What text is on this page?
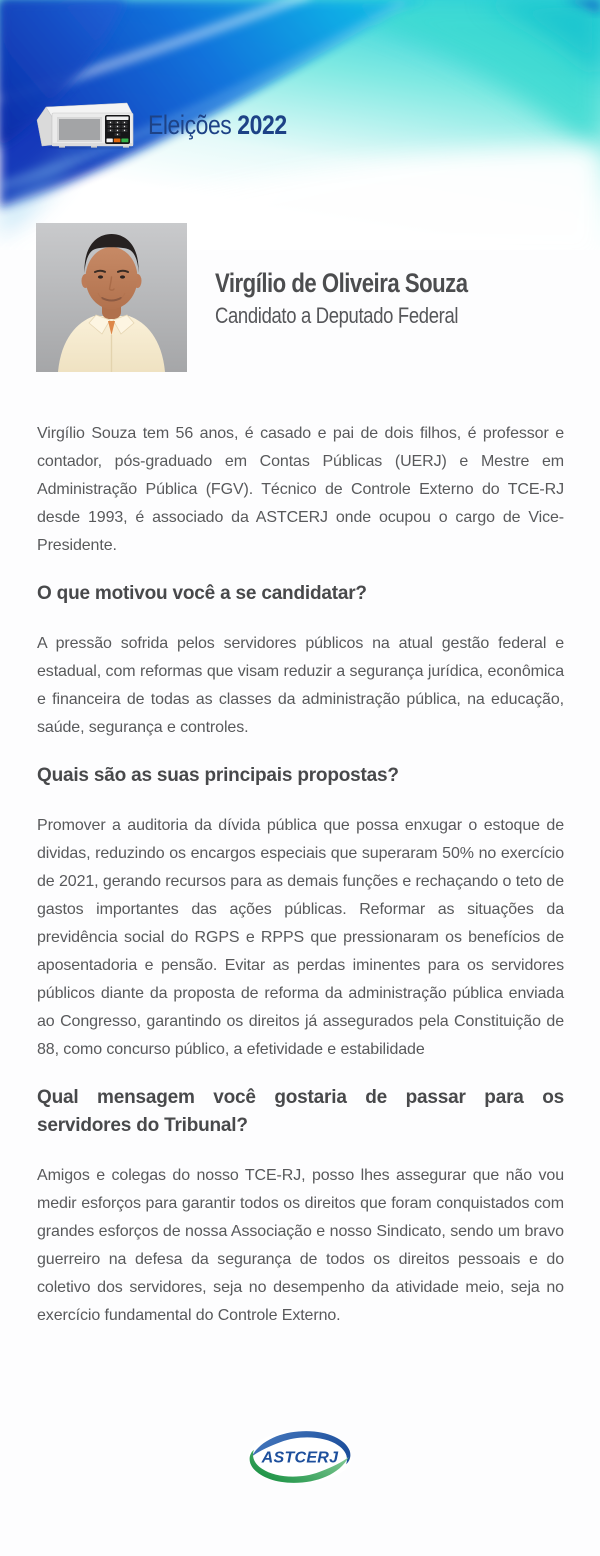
Eleições 2022
Virgílio de Oliveira Souza
Candidato a Deputado Federal

Virgílio Souza tem 56 anos, é casado e pai de dois filhos, é professor e contador, pós-graduado em Contas Públicas (UERJ) e Mestre em Administração Pública (FGV). Técnico de Controle Externo do TCE-RJ desde 1993, é associado da ASTCERJ onde ocupou o cargo de Vice-Presidente.

O que motivou você a se candidatar?

A pressão sofrida pelos servidores públicos na atual gestão federal e estadual, com reformas que visam reduzir a segurança jurídica, econômica e financeira de todas as classes da administração pública, na educação, saúde, segurança e controles.

Quais são as suas principais propostas?

Promover a auditoria da dívida pública que possa enxugar o estoque de dividas, reduzindo os encargos especiais que superaram 50% no exercício de 2021, gerando recursos para as demais funções e rechaçando o teto de gastos importantes das ações públicas. Reformar as situações da previdência social do RGPS e RPPS que pressionaram os benefícios de aposentadoria e pensão. Evitar as perdas iminentes para os servidores públicos diante da proposta de reforma da administração pública enviada ao Congresso, garantindo os direitos já assegurados pela Constituição de 88, como concurso público, a efetividade e estabilidade

Qual mensagem você gostaria de passar para os servidores do Tribunal?

Amigos e colegas do nosso TCE-RJ, posso lhes assegurar que não vou medir esforços para garantir todos os direitos que foram conquistados com grandes esforços de nossa Associação e nosso Sindicato, sendo um bravo guerreiro na defesa da segurança de todos os direitos pessoais e do coletivo dos servidores, seja no desempenho da atividade meio, seja no exercício fundamental do Controle Externo.

ASTCERJ
